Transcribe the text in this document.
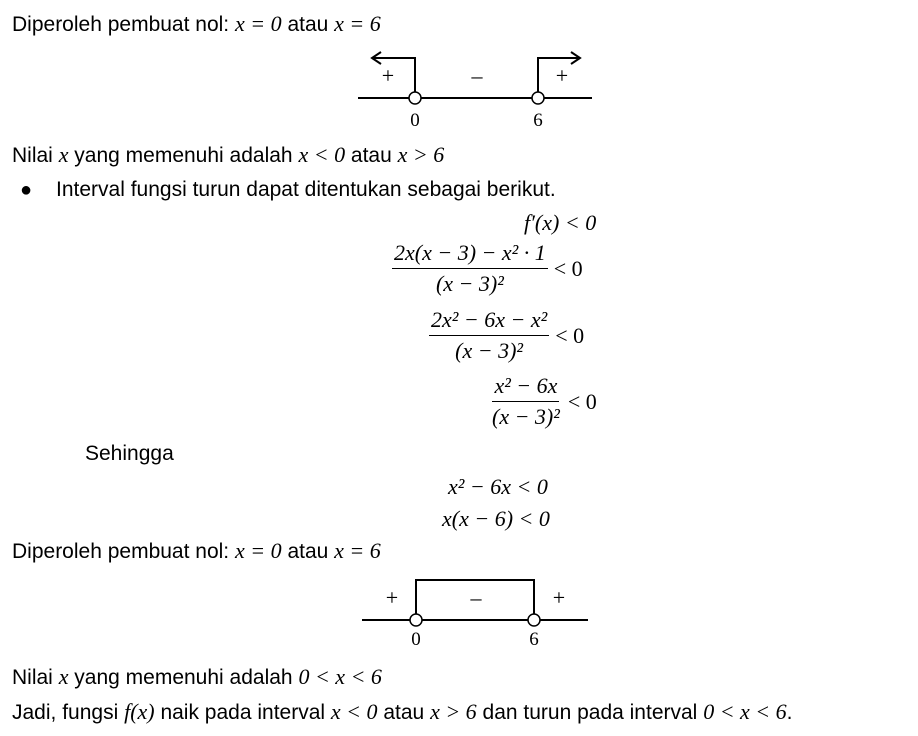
Diperoleh pembuat nol: x = 0 atau x = 6
+	–	+
0	6
Nilai x yang memenuhi adalah x < 0 atau x > 6
● Interval fungsi turun dapat ditentukan sebagai berikut.
f′(x) < 0
$\frac{\text{2x(x − 3) − x² · 1}}{\text{(x − 3)²}} < 0$
$\frac{\text{2x² − 6x − x²}}{\text{(x − 3)²}} < 0$
$\frac{\text{x² − 6x}}{\text{(x − 3)²}} < 0$
Sehingga
x² − 6x < 0
x(x − 6) < 0
Diperoleh pembuat nol: x = 0 atau x = 6
+	–	+
0	6
Nilai x yang memenuhi adalah 0 < x < 6
Jadi, fungsi f(x) naik pada interval x < 0 atau x > 6 dan turun pada interval 0 < x < 6.
